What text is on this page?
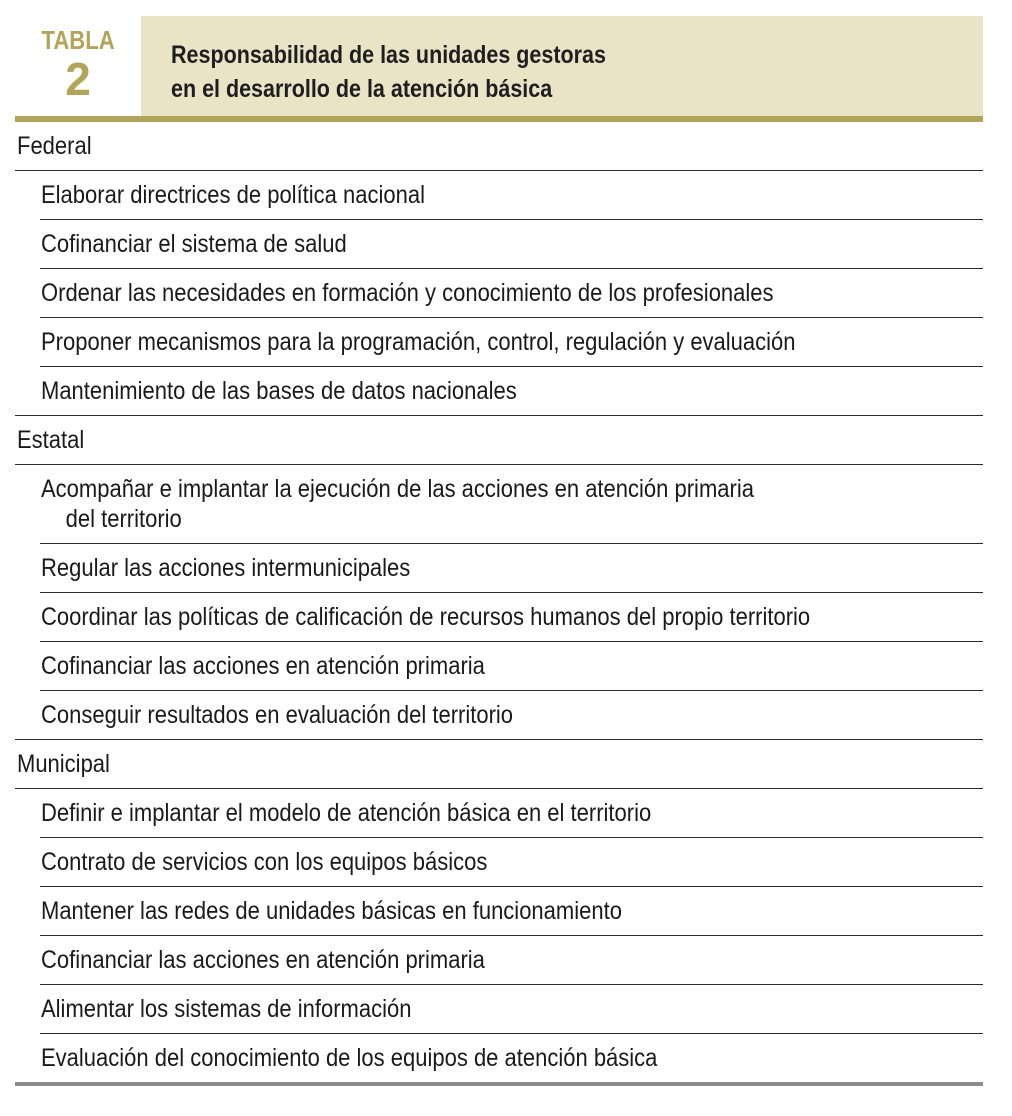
TABLA
2	Responsabilidad de las unidades gestoras
en el desarrollo de la atención básica
Federal
Elaborar directrices de política nacional
Cofinanciar el sistema de salud
Ordenar las necesidades en formación y conocimiento de los profesionales
Proponer mecanismos para la programación, control, regulación y evaluación
Mantenimiento de las bases de datos nacionales
Estatal
Acompañar e implantar la ejecución de las acciones en atención primaria
del territorio
Regular las acciones intermunicipales
Coordinar las políticas de calificación de recursos humanos del propio territorio
Cofinanciar las acciones en atención primaria
Conseguir resultados en evaluación del territorio
Municipal
Definir e implantar el modelo de atención básica en el territorio
Contrato de servicios con los equipos básicos
Mantener las redes de unidades básicas en funcionamiento
Cofinanciar las acciones en atención primaria
Alimentar los sistemas de información
Evaluación del conocimiento de los equipos de atención básica
